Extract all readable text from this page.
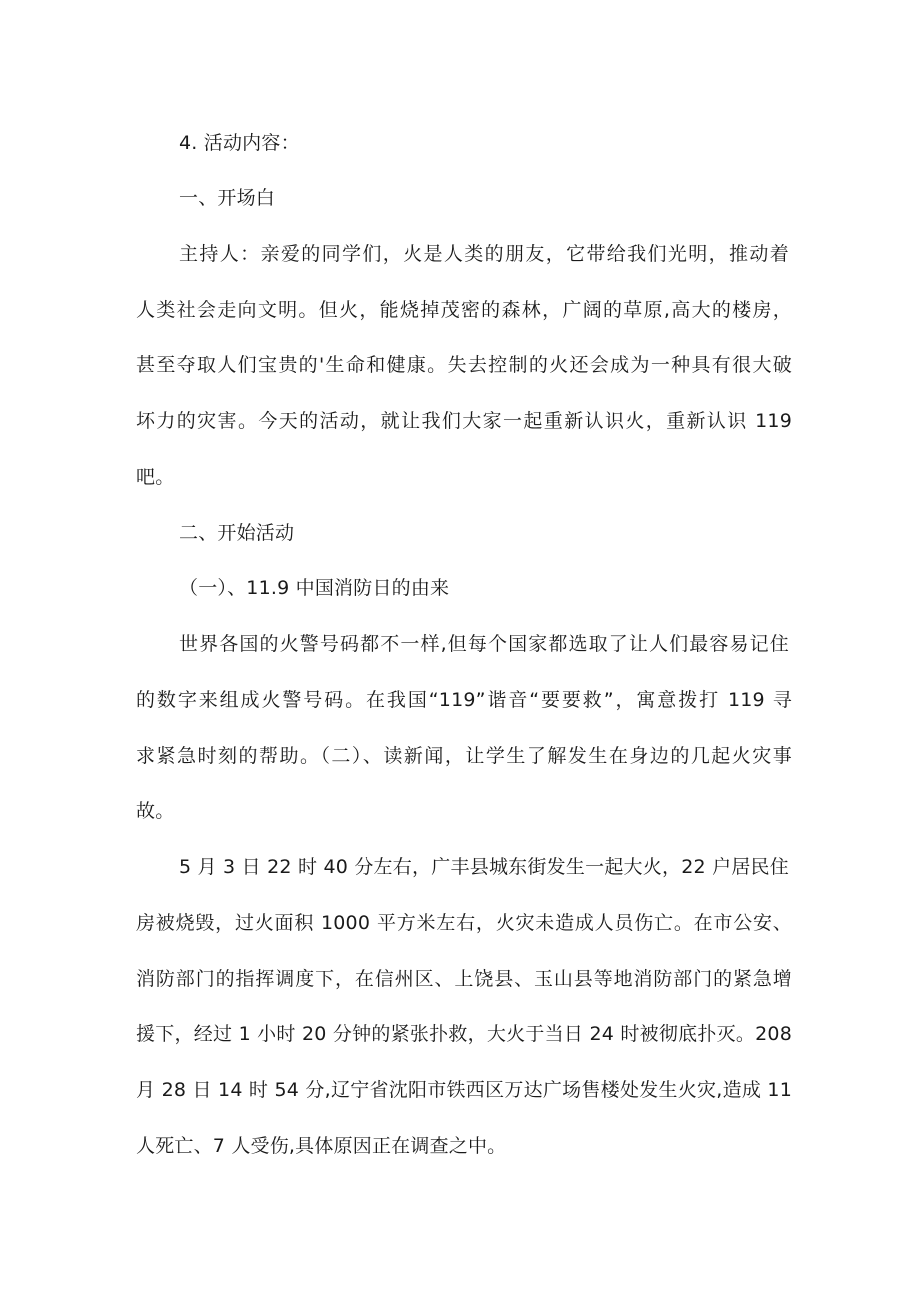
4. 活动内容：
一、开场白
主持人：亲爱的同学们，火是人类的朋友，它带给我们光明，推动着
人类社会走向文明。但火，能烧掉茂密的森林，广阔的草原,高大的楼房，
甚至夺取人们宝贵的'生命和健康。失去控制的火还会成为一种具有很大破
坏力的灾害。今天的活动，就让我们大家一起重新认识火，重新认识 119
吧。
二、开始活动
（一）、11.9 中国消防日的由来
世界各国的火警号码都不一样,但每个国家都选取了让人们最容易记住
的数字来组成火警号码。在我国“119”谐音“要要救”，寓意拨打 119 寻
求紧急时刻的帮助。（二）、读新闻，让学生了解发生在身边的几起火灾事
故。
5 月 3 日 22 时 40 分左右，广丰县城东街发生一起大火，22 户居民住
房被烧毁，过火面积 1000 平方米左右，火灾未造成人员伤亡。在市公安、
消防部门的指挥调度下，在信州区、上饶县、玉山县等地消防部门的紧急增
援下，经过 1 小时 20 分钟的紧张扑救，大火于当日 24 时被彻底扑灭。208
月 28 日 14 时 54 分,辽宁省沈阳市铁西区万达广场售楼处发生火灾,造成 11
人死亡、7 人受伤,具体原因正在调查之中。
